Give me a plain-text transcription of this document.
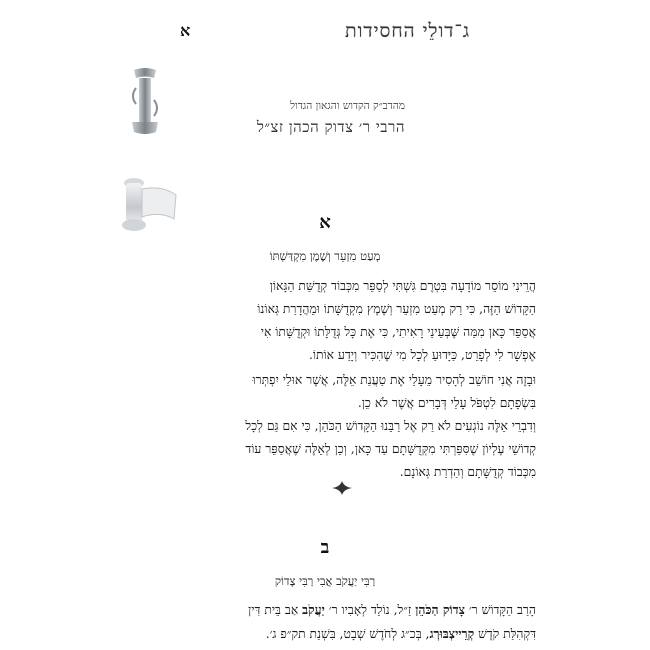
ג־דולֵי החסידות
א
מהדב״ק הקדוש והגאון הגדול
הרבי ר׳ צדוק הכהן זצ״ל
א
מְעַט מִזְעֵר וְשֶׁמֶן מִקְדַּשְׁתּוֹ
הֲרֵינִי מוֹסֵר מוֹדָעָה בִּטְרֶם גִּשְׁתִּי לְסַפֵּר מִכְּבוֹד קְדֻשַּׁת הַגָּאוֹן
הַקָּדוֹשׁ הַזֶּה, כִּי רַק מְעַט מִזְעֵר וְשֶׁמֶץ מִקְדֻשָּׁתוֹ וּמֵהֲדָרַת גְּאוֹנוֹ
אֲסַפֵּר כָּאן מִמַּה שֶּׁבְּעֵינַי רָאִיתִי, כִּי אֶת כָּל גְּדֻלָּתוֹ וּקְדֻשָּׁתוֹ אִי
אֶפְשָׁר לִי לְפָרֵט, כַּיָּדוּעַ לְכָל מִי שֶׁהִכִּיר וְיָדַע אוֹתוֹ.
וּבָזֶה אֲנִי חוֹשֵׁב לְהָסִיר מֵעָלַי אֶת טַעֲנַת אֵלֶּה, אֲשֶׁר אוּלַי יִפְתְּרוּ
בִּשְׂפָתָם לִטְפֹּל עָלַי דְּבָרִים אֲשֶׁר לֹא כֵן.
וְדִבְרֵי אֵלֶּה נוֹגְעִים לֹא רַק אֶל רַבֵּנוּ הַקָּדוֹשׁ הַכֹּהֵן, כִּי אִם גַּם לְכָל
קְדוֹשֵׁי עֶלְיוֹן שֶׁסִּפַּרְתִּי מִקְּדֻשָּׁתָם עַד כָּאן, וְכֵן לְאֵלֶּה שֶׁאֲסַפֵּר עוֹד
מִכְּבוֹד קְדֻשָּׁתָם וְהַדְרַת גְּאוֹנָם.
ב
רַבִּי יַעֲקֹב אֲבִי רַבִּי צָדוֹק
הָרַב הַקָּדוֹשׁ ר׳ צָדוֹק הַכֹּהֵן זַ״ל, נוֹלַד לְאָבִיו ר׳ יַעֲקֹב אַב בֵּית דִּין
דִּקְהִלַּת קֹדֶשׁ קְרֵייצְבּוּרְג, בְּכ״ג לְחֹדֶשׁ שְׁבָט, בִּשְׁנַת תק״פ ג׳.
